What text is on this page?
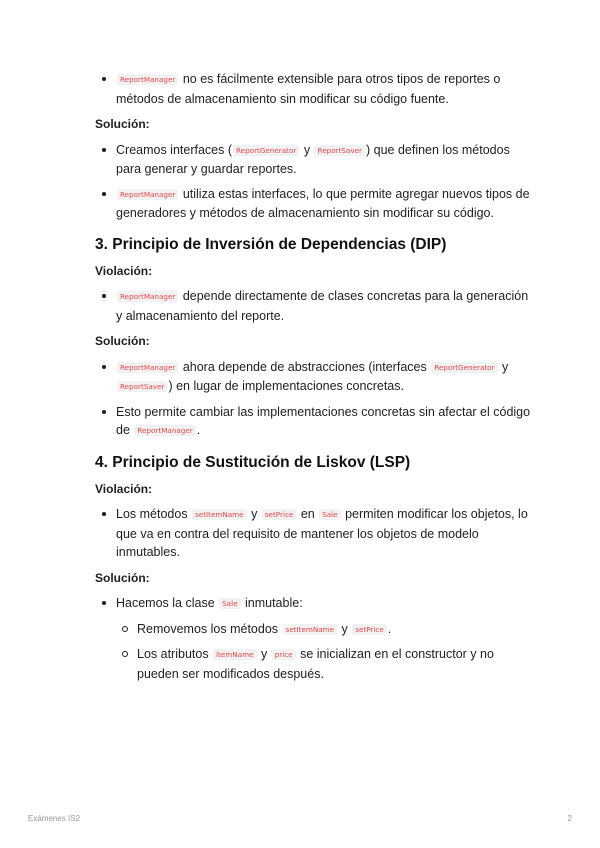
ReportManager no es fácilmente extensible para otros tipos de reportes o métodos de almacenamiento sin modificar su código fuente.
Solución:
Creamos interfaces ( ReportGenerator y ReportSaver ) que definen los métodos para generar y guardar reportes.
ReportManager utiliza estas interfaces, lo que permite agregar nuevos tipos de generadores y métodos de almacenamiento sin modificar su código.
3. Principio de Inversión de Dependencias (DIP)
Violación:
ReportManager depende directamente de clases concretas para la generación y almacenamiento del reporte.
Solución:
ReportManager ahora depende de abstracciones (interfaces ReportGenerator y ReportSaver ) en lugar de implementaciones concretas.
Esto permite cambiar las implementaciones concretas sin afectar el código de ReportManager .
4. Principio de Sustitución de Liskov (LSP)
Violación:
Los métodos setItemName y setPrice en Sale permiten modificar los objetos, lo que va en contra del requisito de mantener los objetos de modelo inmutables.
Solución:
Hacemos la clase Sale inmutable:
Removemos los métodos setItemName y setPrice .
Los atributos itemName y price se inicializan en el constructor y no pueden ser modificados después.
Exámenes IS2	2
